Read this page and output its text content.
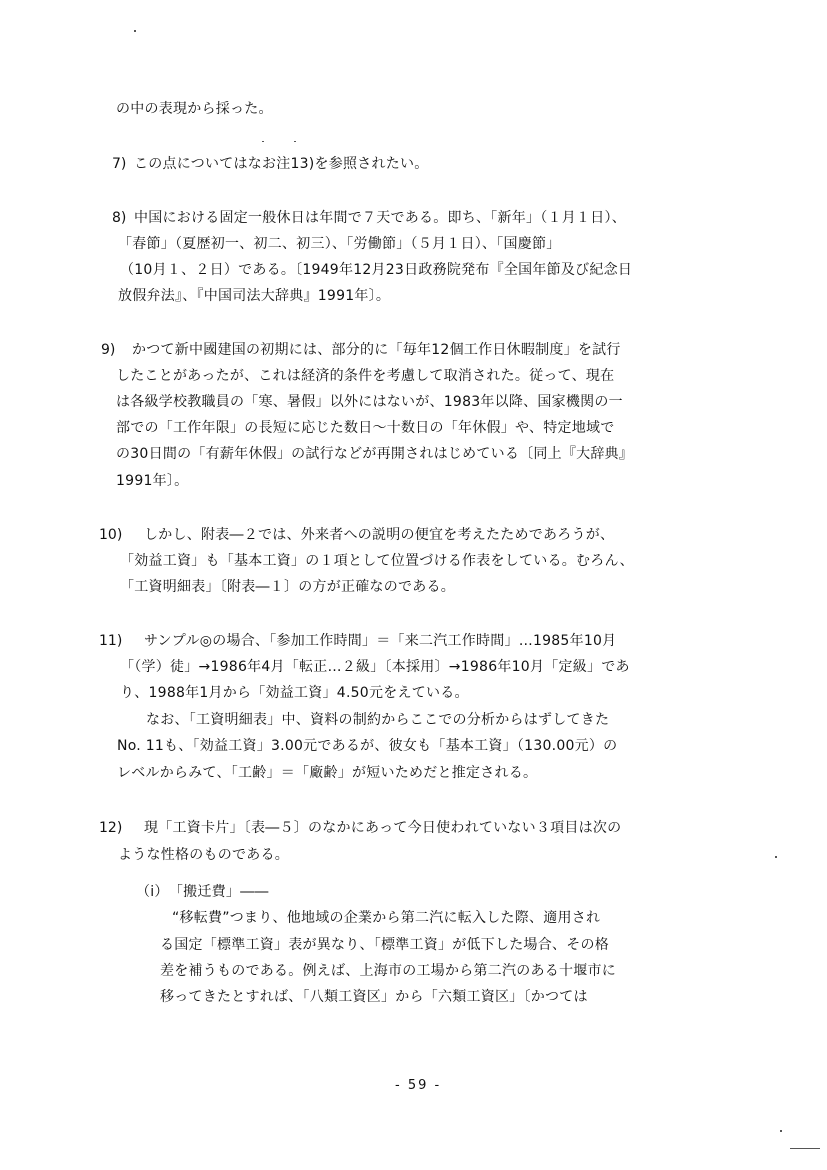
の中の表現から採った。
7) この点についてはなお注13)を参照されたい。
8) 中国における固定一般休日は年間で７天である。即ち、「新年」（１月１日）、
「春節」（夏歴初一、初二、初三）、「労働節」（５月１日）、「国慶節」
（10月１、２日）である。〔1949年12月23日政務院発布『全国年節及び紀念日
放假弁法』、『中国司法大辞典』1991年〕。
9) かつて新中國建国の初期には、部分的に「毎年12個工作日休暇制度」を試行
したことがあったが、これは経済的条件を考慮して取消された。従って、現在
は各級学校教職員の「寒、暑假」以外にはないが、1983年以降、国家機関の一
部での「工作年限」の長短に応じた数日〜十数日の「年休假」や、特定地域で
の30日間の「有薪年休假」の試行などが再開されはじめている〔同上『大辞典』
1991年〕。
10) しかし、附表―２では、外来者への説明の便宜を考えたためであろうが、
「効益工資」も「基本工資」の１項として位置づける作表をしている。むろん、
「工資明細表」〔附表―１〕の方が正確なのである。
11) サンプル◎の場合、「参加工作時間」＝「来二汽工作時間」…1985年10月
「（学）徒」→1986年4月「転正…２級」〔本採用〕→1986年10月「定級」であ
り、1988年1月から「効益工資」4.50元をえている。
なお、「工資明細表」中、資料の制約からここでの分析からはずしてきた
No. 11も、「効益工資」3.00元であるが、彼女も「基本工資」（130.00元）の
レベルからみて、「工齢」＝「廠齢」が短いためだと推定される。
12) 現「工資卡片」〔表―５〕のなかにあって今日使われていない３項目は次の
ような性格のものである。
（i）　「搬迁費」――
“移転費”つまり、他地域の企業から第二汽に転入した際、適用され
る国定「標準工資」表が異なり、「標準工資」が低下した場合、その格
差を補うものである。例えば、上海市の工場から第二汽のある十堰市に
移ってきたとすれば、「八類工資区」から「六類工資区」〔かつては
- 59 -
